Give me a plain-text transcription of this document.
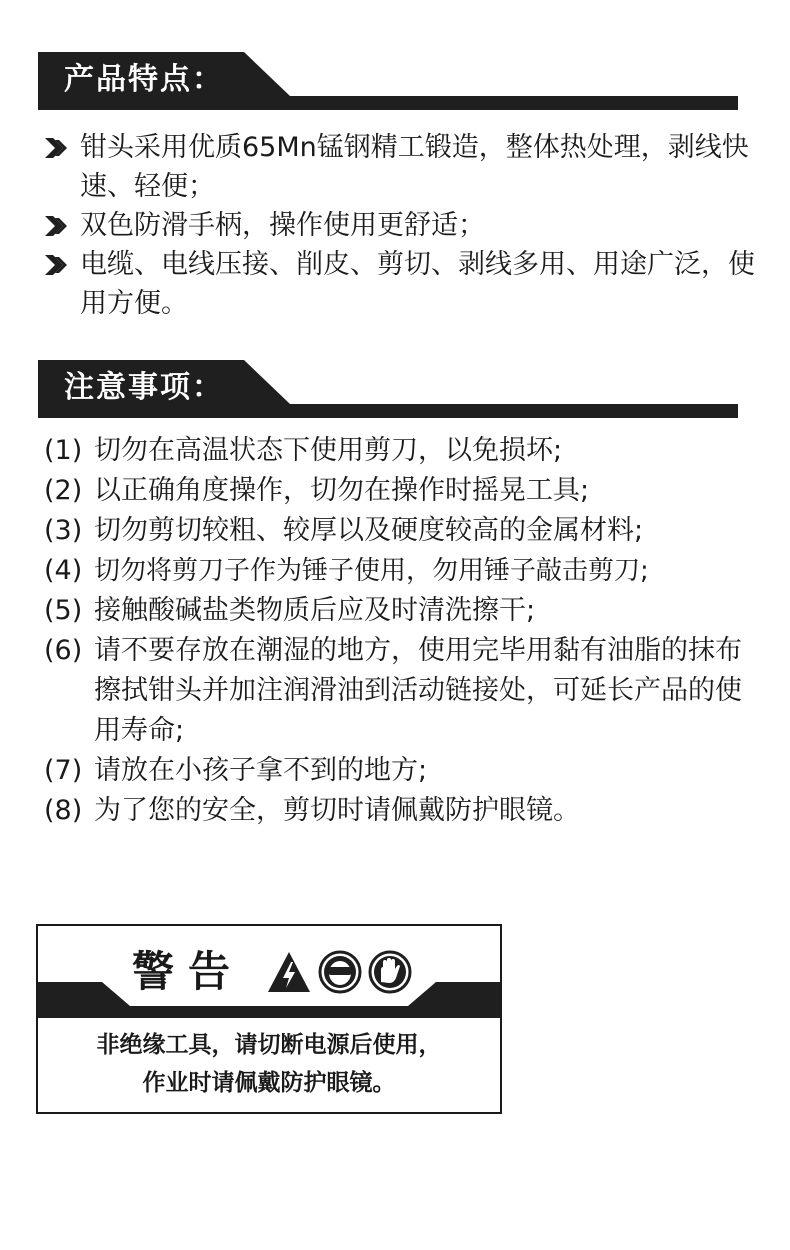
产品特点：
钳头采用优质65Mn锰钢精工锻造，整体热处理，剥线快速、轻便；
双色防滑手柄，操作使用更舒适；
电缆、电线压接、削皮、剪切、剥线多用、用途广泛，使用方便。
注意事项：
(1) 切勿在高温状态下使用剪刀，以免损坏;
(2) 以正确角度操作，切勿在操作时摇晃工具;
(3) 切勿剪切较粗、较厚以及硬度较高的金属材料;
(4) 切勿将剪刀子作为锤子使用，勿用锤子敲击剪刀;
(5) 接触酸碱盐类物质后应及时清洗擦干;
(6) 请不要存放在潮湿的地方，使用完毕用黏有油脂的抹布擦拭钳头并加注润滑油到活动链接处，可延长产品的使用寿命;
(7) 请放在小孩子拿不到的地方;
(8) 为了您的安全，剪切时请佩戴防护眼镜。
警告
非绝缘工具，请切断电源后使用，
作业时请佩戴防护眼镜。
